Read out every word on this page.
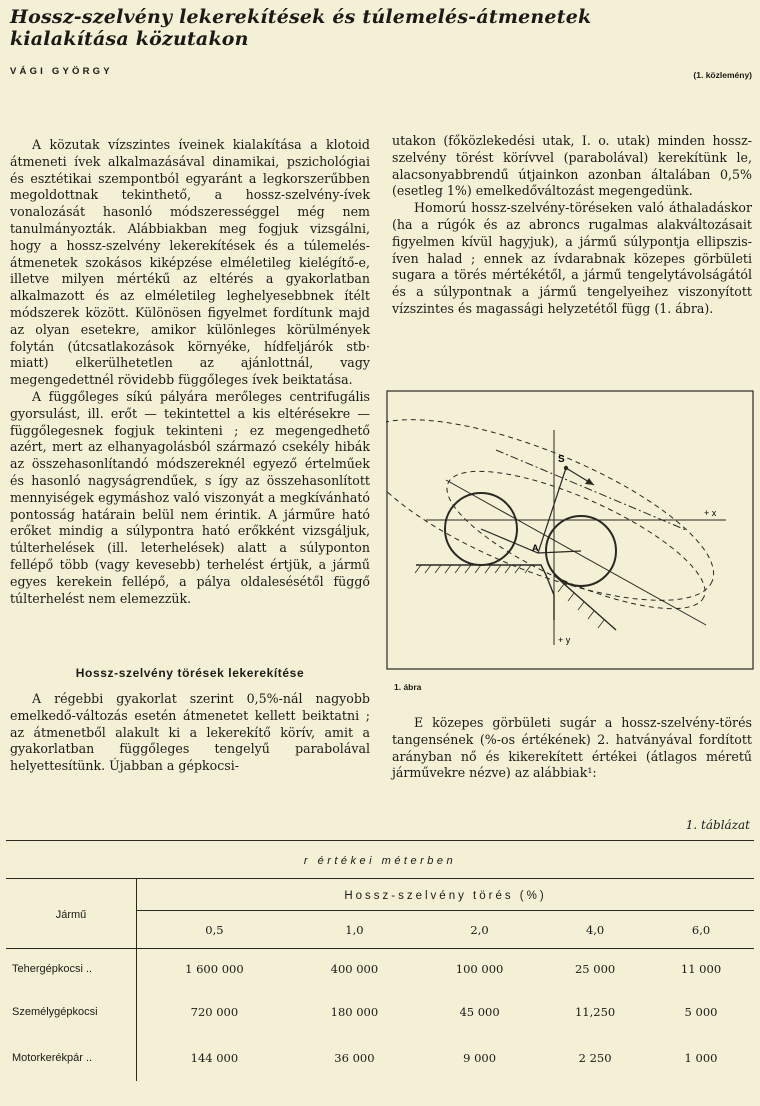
Hossz-szelvény lekerekítések és túlemelés-átmenetek
kialakítása közutakon
VÁGI GYÖRGY	(1. közlemény)

A közutak vízszintes íveinek kialakítása a klotoid átmeneti ívek alkalmazásával dinamikai, pszichológiai és esztétikai szempontból egyaránt a legkorszerűbben megoldottnak tekinthető, a hossz-szelvény-ívek vonalozását hasonló módszerességgel még nem tanulmányozták. Alábbiakban meg fogjuk vizsgálni, hogy a hossz-szelvény lekerekítések és a túlemelés-átmenetek szokásos kiképzése elméletileg kielégítő-e, illetve milyen mértékű az eltérés a gyakorlatban alkalmazott és az elméletileg leghelyesebbnek ítélt módszerek között. Különösen figyelmet fordítunk majd az olyan esetekre, amikor különleges körülmények folytán (útcsatlakozások környéke, hídfeljárók stb· miatt) elkerülhetetlen az ajánlottnál, vagy megengedettnél rövidebb függőleges ívek beiktatása.

A függőleges síkú pályára merőleges centrifugális gyorsulást, ill. erőt — tekintettel a kis eltérésekre — függőlegesnek fogjuk tekinteni ; ez megengedhető azért, mert az elhanyagolásból származó csekély hibák az összehasonlítandó módszereknél egyező értelműek és hasonló nagyságrendűek, s így az összehasonlított mennyiségek egymáshoz való viszonyát a megkívánható pontosság határain belül nem érintik. A járműre ható erőket mindig a súlypontra ható erőkként vizsgáljuk, túlterhelések (ill. leterhelések) alatt a súlyponton fellépő több (vagy kevesebb) terhelést értjük, a jármű egyes kerekein fellépő, a pálya oldalesésétől függő túlterhelést nem elemezzük.

Hossz-szelvény törések lekerekítése

A régebbi gyakorlat szerint 0,5%-nál nagyobb emelkedő-változás esetén átmenetet kellett beiktatni ; az átmenetből alakult ki a lekerekítő körív, amit a gyakorlatban függőleges tengelyű parabolával helyettesítünk. Újabban a gépkocsi-

utakon (főközlekedési utak, I. o. utak) minden hossz-szelvény törést körívvel (parabolával) kerekítünk le, alacsonyabbrendű útjainkon azonban általában 0,5% (esetleg 1%) emelkedőváltozást megengedünk.

Homorú hossz-szelvény-töréseken való áthaladáskor (ha a rúgók és az abroncs rugalmas alakváltozásait figyelmen kívül hagyjuk), a jármű súlypontja ellipszis-íven halad ; ennek az ívdarabnak közepes görbületi sugara a törés mértékétől, a jármű tengelytávolságától és a súlypontnak a jármű tengelyeihez viszonyított vízszintes és magassági helyzetétől függ (1. ábra).

S
+ x
A
+ y
1. ábra

E közepes görbületi sugár a hossz-szelvény-törés tangensének (%-os értékének) 2. hatványával fordított arányban nő és kikerekített értékei (átlagos méretű járművekre nézve) az alábbiak¹:

1. táblázat
r értékei méterben					
Jármű	Hossz-szelvény törés (%)				
	0,5	1,0	2,0	4,0	6,0
Tehergépkocsi ..	1 600 000	400 000	100 000	25 000	11 000
Személygépkocsi	720 000	180 000	45 000	11,250	5 000
Motorkerékpár ..	144 000	36 000	9 000	2 250	1 000
